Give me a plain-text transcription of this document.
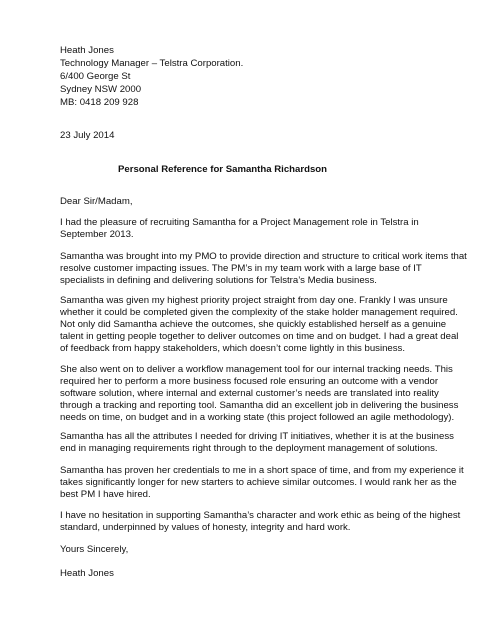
Heath Jones
Technology Manager – Telstra Corporation.
6/400 George St
Sydney NSW 2000
MB: 0418 209 928
23 July 2014
Personal Reference for Samantha Richardson
Dear Sir/Madam,
I had the pleasure of recruiting Samantha for a Project Management role in Telstra in
September 2013.
Samantha was brought into my PMO to provide direction and structure to critical work items that
resolve customer impacting issues. The PM’s in my team work with a large base of IT
specialists in defining and delivering solutions for Telstra’s Media business.
Samantha was given my highest priority project straight from day one. Frankly I was unsure
whether it could be completed given the complexity of the stake holder management required.
Not only did Samantha achieve the outcomes, she quickly established herself as a genuine
talent in getting people together to deliver outcomes on time and on budget. I had a great deal
of feedback from happy stakeholders, which doesn’t come lightly in this business.
She also went on to deliver a workflow management tool for our internal tracking needs. This
required her to perform a more business focused role ensuring an outcome with a vendor
software solution, where internal and external customer’s needs are translated into reality
through a tracking and reporting tool. Samantha did an excellent job in delivering the business
needs on time, on budget and in a working state (this project followed an agile methodology).
Samantha has all the attributes I needed for driving IT initiatives, whether it is at the business
end in managing requirements right through to the deployment management of solutions.
Samantha has proven her credentials to me in a short space of time, and from my experience it
takes significantly longer for new starters to achieve similar outcomes. I would rank her as the
best PM I have hired.
I have no hesitation in supporting Samantha’s character and work ethic as being of the highest
standard, underpinned by values of honesty, integrity and hard work.
Yours Sincerely,
Heath Jones
